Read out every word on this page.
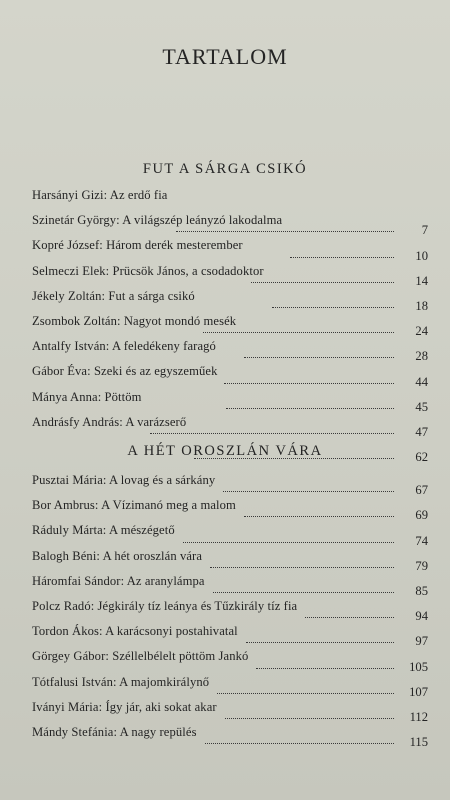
TARTALOM
FUT A SÁRGA CSIKÓ
Harsányi Gizi: Az erdő fia
Szinetár György: A világszép leányzó lakodalma
7
Kopré József: Három derék mesterember
10
Selmeczi Elek: Prücsök János, a csodadoktor
14
Jékely Zoltán: Fut a sárga csikó
18
Zsombok Zoltán: Nagyot mondó mesék
24
Antalfy István: A feledékeny faragó
28
Gábor Éva: Szeki és az egyszeműek
44
Mánya Anna: Pöttöm
45
Andrásfy András: A varázserő
47
62
A HÉT OROSZLÁN VÁRA
Pusztai Mária: A lovag és a sárkány
67
Bor Ambrus: A Vízimanó meg a malom
69
Ráduly Márta: A mészégető
74
Balogh Béni: A hét oroszlán vára
79
Háromfai Sándor: Az aranylámpa
85
Polcz Radó: Jégkirály tíz leánya és Tűzkirály tíz fia
94
Tordon Ákos: A karácsonyi postahivatal
97
Görgey Gábor: Széllelbélelt pöttöm Jankó
105
Tótfalusi István: A majomkirálynő
107
Iványi Mária: Így jár, aki sokat akar
112
Mándy Stefánia: A nagy repülés
115
